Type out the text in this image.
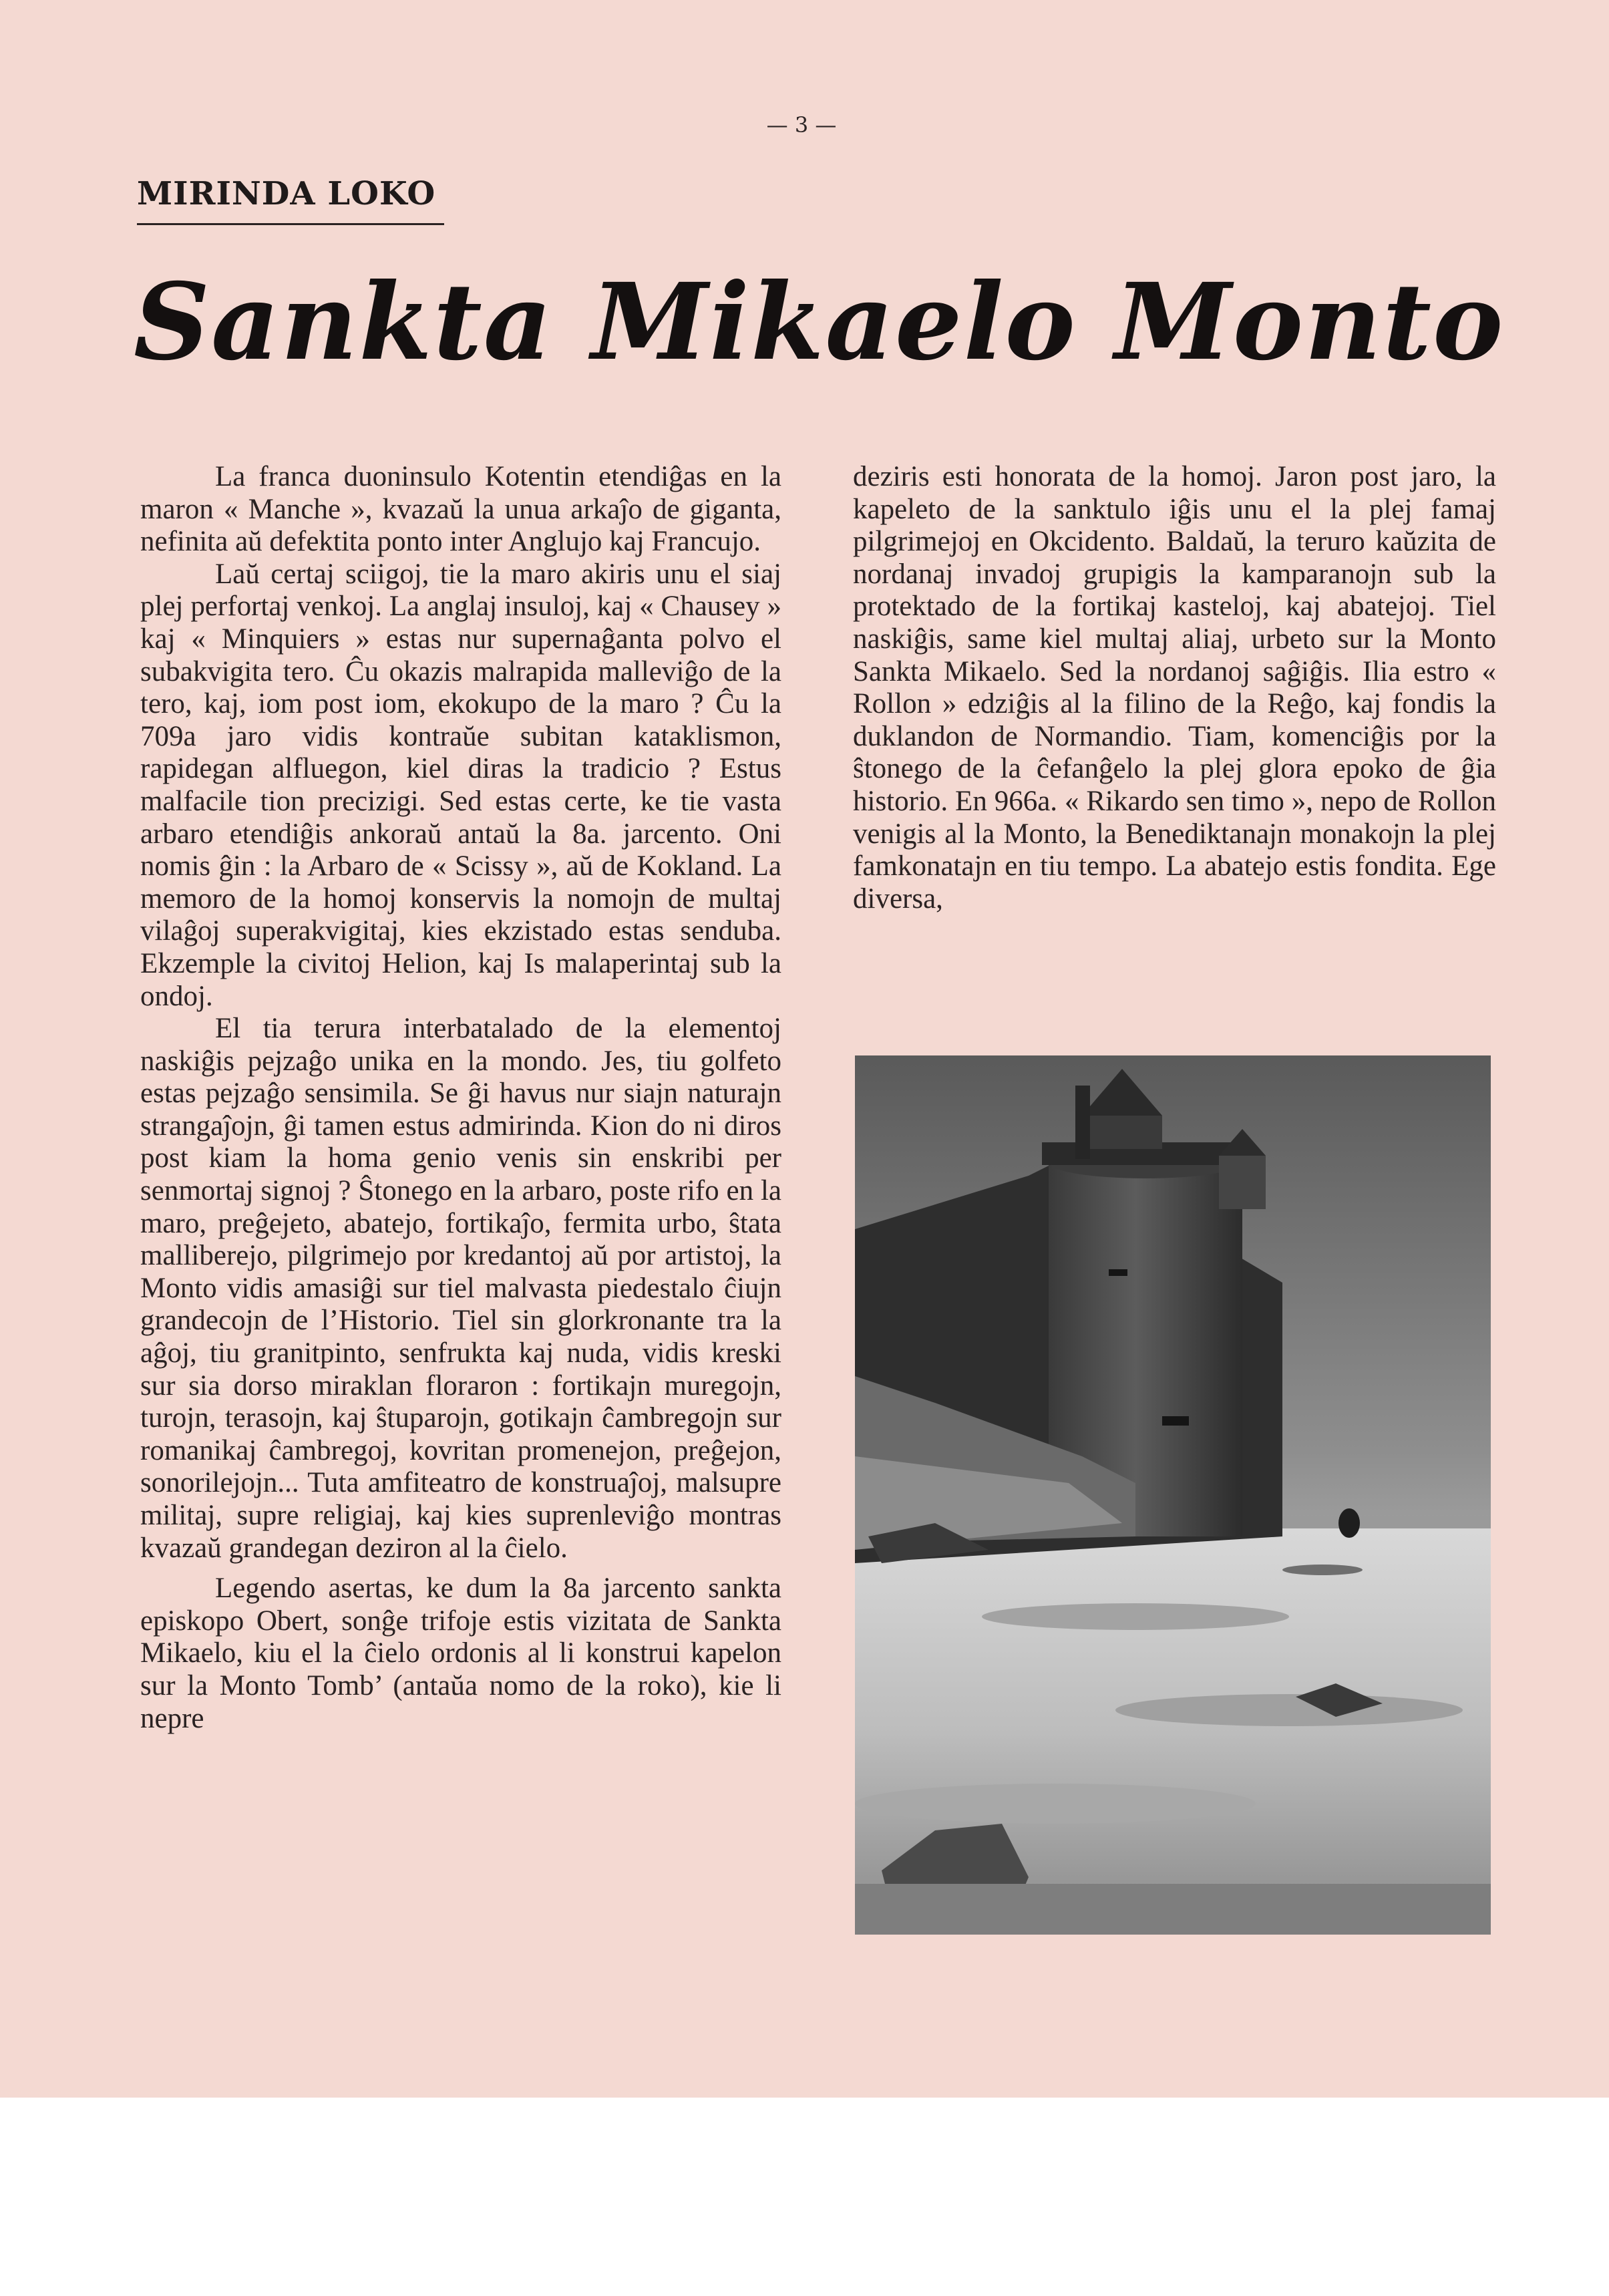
— 3 —
MIRINDA LOKO
Sankta Mikaelo Monto

La franca duoninsulo Kotentin etendiĝas en la maron « Manche », kvazaŭ la unua arkaĵo de giganta, nefinita aŭ defektita ponto inter Anglujo kaj Francujo.

Laŭ certaj sciigoj, tie la maro akiris unu el siaj plej perfortaj venkoj. La anglaj insuloj, kaj « Chausey » kaj « Minquiers » estas nur supernaĝanta polvo el subakvigita tero. Ĉu okazis malrapida malleviĝo de la tero, kaj, iom post iom, ekokupo de la maro ? Ĉu la 709a jaro vidis kontraŭe subitan kataklismon, rapidegan alfluegon, kiel diras la tradicio ? Estus malfacile tion precizigi. Sed estas certe, ke tie vasta arbaro etendiĝis ankoraŭ antaŭ la 8a. jarcento. Oni nomis ĝin : la Arbaro de « Scissy », aŭ de Kokland. La memoro de la homoj konservis la nomojn de multaj vilaĝoj superakvigitaj, kies ekzistado estas senduba. Ekzemple la civitoj Helion, kaj Is malaperintaj sub la ondoj.

El tia terura interbatalado de la elementoj naskiĝis pejzaĝo unika en la mondo. Jes, tiu golfeto estas pejzaĝo sensimila. Se ĝi havus nur siajn naturajn strangaĵojn, ĝi tamen estus admirinda. Kion do ni diros post kiam la homa genio venis sin enskribi per senmortaj signoj ? Ŝtonego en la arbaro, poste rifo en la maro, preĝejeto, abatejo, fortikaĵo, fermita urbo, ŝtata malliberejo, pilgrimejo por kredantoj aŭ por artistoj, la Monto vidis amasiĝi sur tiel malvasta piedestalo ĉiujn grandecojn de l’Historio. Tiel sin glorkronante tra la aĝoj, tiu granitpinto, senfrukta kaj nuda, vidis kreski sur sia dorso miraklan floraron : fortikajn muregojn, turojn, terasojn, kaj ŝtuparojn, gotikajn ĉambregojn sur romanikaj ĉambregoj, kovritan promenejon, preĝejon, sonorilejojn... Tuta amfiteatro de konstruaĵoj, malsupre militaj, supre religiaj, kaj kies suprenleviĝo montras kvazaŭ grandegan deziron al la ĉielo.

Legendo asertas, ke dum la 8a jarcento sankta episkopo Obert, sonĝe trifoje estis vizitata de Sankta Mikaelo, kiu el la ĉielo ordonis al li konstrui kapelon sur la Monto Tomb’ (antaŭa nomo de la roko), kie li nepre

deziris esti honorata de la homoj. Jaron post jaro, la kapeleto de la sanktulo iĝis unu el la plej famaj pilgrimejoj en Okcidento. Baldaŭ, la teruro kaŭzita de nordanaj invadoj grupigis la kamparanojn sub la protektado de la fortikaj kasteloj, kaj abatejoj. Tiel naskiĝis, same kiel multaj aliaj, urbeto sur la Monto Sankta Mikaelo. Sed la nordanoj saĝiĝis. Ilia estro « Rollon » edziĝis al la filino de la Reĝo, kaj fondis la duklandon de Normandio. Tiam, komenciĝis por la ŝtonego de la ĉefanĝelo la plej glora epoko de ĝia historio. En 966a. « Rikardo sen timo », nepo de Rollon venigis al la Monto, la Benediktanajn monakojn la plej famkonatajn en tiu tempo. La abatejo estis fondita. Ege diversa,
